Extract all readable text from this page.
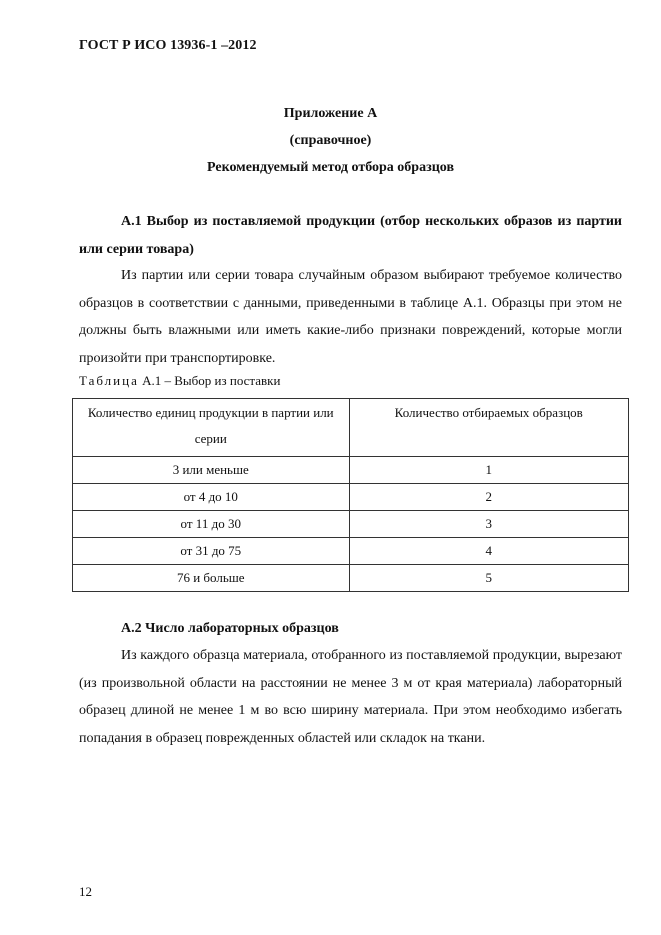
ГОСТ Р ИСО 13936-1 –2012
Приложение А
(справочное)
Рекомендуемый метод отбора образцов
А.1 Выбор из поставляемой продукции (отбор нескольких образов из партии или серии товара)
Из партии или серии товара случайным образом выбирают требуемое количество образцов в соответствии с данными, приведенными в таблице А.1. Образцы при этом не должны быть влажными или иметь какие-либо признаки повреждений, которые могли произойти при транспортировке.
Таблица А.1 – Выбор из поставки
Количество единиц продукции в партии или серии	Количество отбираемых образцов
3 или меньше	1
от 4 до 10	2
от 11 до 30	3
от 31 до 75	4
76 и больше	5
А.2 Число лабораторных образцов
Из каждого образца материала, отобранного из поставляемой продукции, вырезают (из произвольной области на расстоянии не менее 3 м от края материала) лабораторный образец длиной не менее 1 м во всю ширину материала. При этом необходимо избегать попадания в образец поврежденных областей или складок на ткани.
12
